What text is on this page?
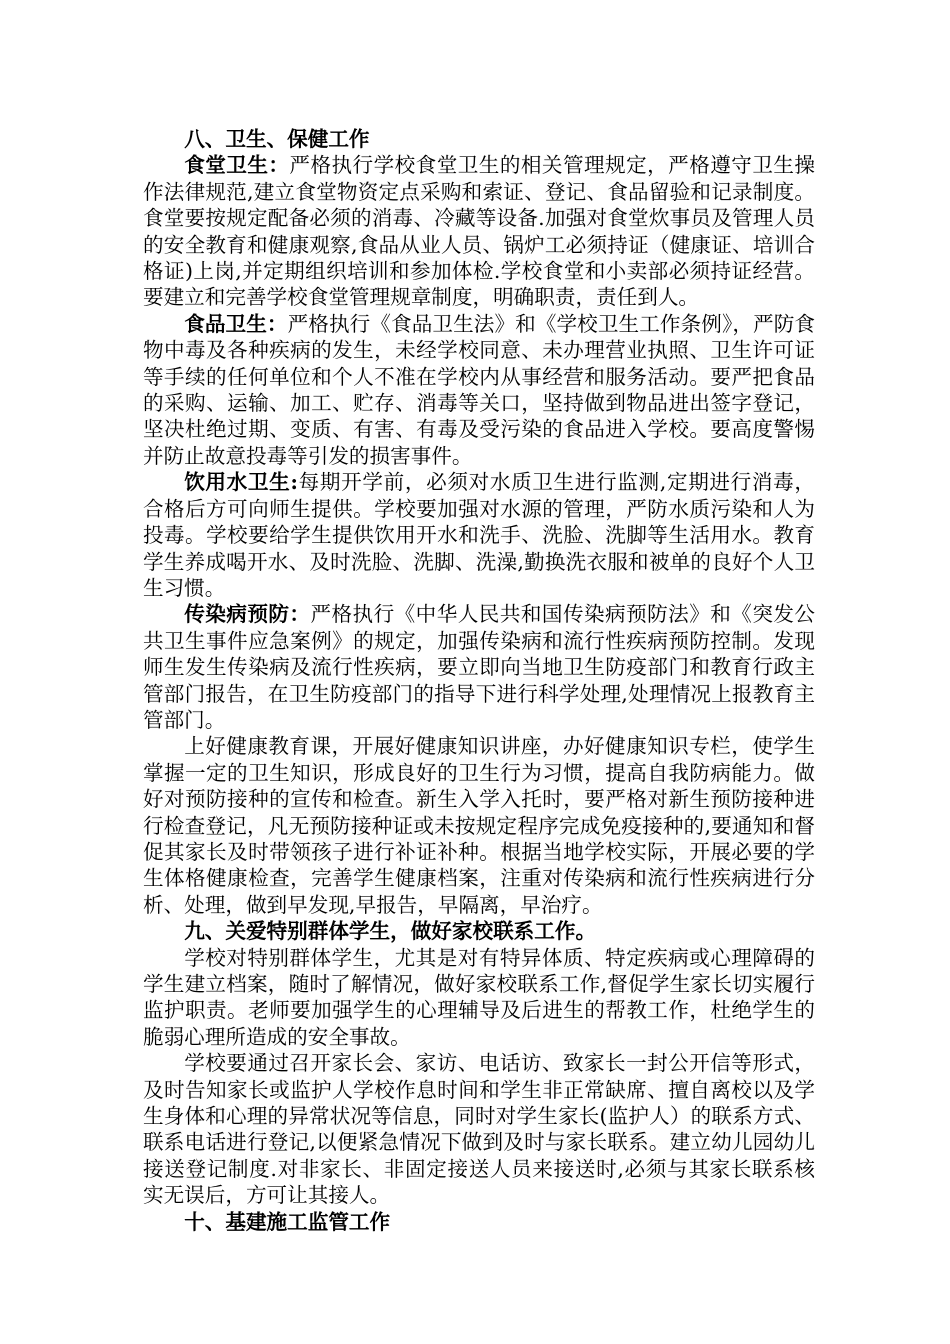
八、卫生、保健工作

食堂卫生：严格执行学校食堂卫生的相关管理规定，严格遵守卫生操作法律规范,建立食堂物资定点采购和索证、登记、食品留验和记录制度。食堂要按规定配备必须的消毒、冷藏等设备.加强对食堂炊事员及管理人员的安全教育和健康观察,食品从业人员、锅炉工必须持证（健康证、培训合格证)上岗,并定期组织培训和参加体检.学校食堂和小卖部必须持证经营。要建立和完善学校食堂管理规章制度，明确职责，责任到人。

食品卫生：严格执行《食品卫生法》和《学校卫生工作条例》，严防食物中毒及各种疾病的发生，未经学校同意、未办理营业执照、卫生许可证等手续的任何单位和个人不准在学校内从事经营和服务活动。要严把食品的采购、运输、加工、贮存、消毒等关口，坚持做到物品进出签字登记，坚决杜绝过期、变质、有害、有毒及受污染的食品进入学校。要高度警惕并防止故意投毒等引发的损害事件。

饮用水卫生:每期开学前，必须对水质卫生进行监测,定期进行消毒，合格后方可向师生提供。学校要加强对水源的管理，严防水质污染和人为投毒。学校要给学生提供饮用开水和洗手、洗脸、洗脚等生活用水。教育学生养成喝开水、及时洗脸、洗脚、洗澡,勤换洗衣服和被单的良好个人卫生习惯。

传染病预防：严格执行《中华人民共和国传染病预防法》和《突发公共卫生事件应急案例》的规定，加强传染病和流行性疾病预防控制。发现师生发生传染病及流行性疾病，要立即向当地卫生防疫部门和教育行政主管部门报告，在卫生防疫部门的指导下进行科学处理,处理情况上报教育主管部门。

上好健康教育课，开展好健康知识讲座，办好健康知识专栏，使学生掌握一定的卫生知识，形成良好的卫生行为习惯，提高自我防病能力。做好对预防接种的宣传和检查。新生入学入托时，要严格对新生预防接种进行检查登记，凡无预防接种证或未按规定程序完成免疫接种的,要通知和督促其家长及时带领孩子进行补证补种。根据当地学校实际，开展必要的学生体格健康检查，完善学生健康档案，注重对传染病和流行性疾病进行分析、处理，做到早发现,早报告，早隔离，早治疗。

九、关爱特别群体学生，做好家校联系工作。

学校对特别群体学生，尤其是对有特异体质、特定疾病或心理障碍的学生建立档案，随时了解情况，做好家校联系工作,督促学生家长切实履行监护职责。老师要加强学生的心理辅导及后进生的帮教工作，杜绝学生的脆弱心理所造成的安全事故。

学校要通过召开家长会、家访、电话访、致家长一封公开信等形式，及时告知家长或监护人学校作息时间和学生非正常缺席、擅自离校以及学生身体和心理的异常状况等信息，同时对学生家长(监护人）的联系方式、联系电话进行登记,以便紧急情况下做到及时与家长联系。建立幼儿园幼儿接送登记制度.对非家长、非固定接送人员来接送时,必须与其家长联系核实无误后，方可让其接人。

十、基建施工监管工作
